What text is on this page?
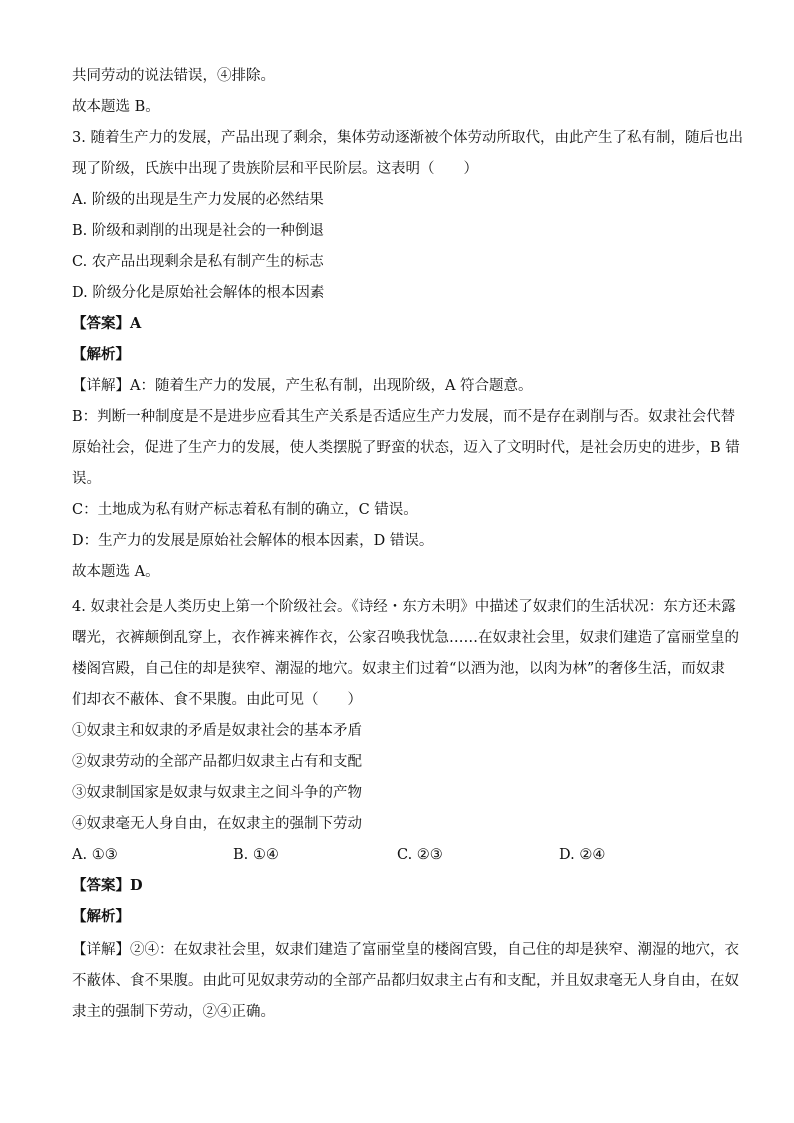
共同劳动的说法错误，④排除。
故本题选 B。
3. 随着生产力的发展，产品出现了剩余，集体劳动逐渐被个体劳动所取代，由此产生了私有制，随后也出
现了阶级，氏族中出现了贵族阶层和平民阶层。这表明（　　）
A. 阶级的出现是生产力发展的必然结果
B. 阶级和剥削的出现是社会的一种倒退
C. 农产品出现剩余是私有制产生的标志
D. 阶级分化是原始社会解体的根本因素
【答案】A
【解析】
【详解】A：随着生产力的发展，产生私有制，出现阶级，A 符合题意。
B：判断一种制度是不是进步应看其生产关系是否适应生产力发展，而不是存在剥削与否。奴隶社会代替
原始社会，促进了生产力的发展，使人类摆脱了野蛮的状态，迈入了文明时代，是社会历史的进步，B 错
误。
C：土地成为私有财产标志着私有制的确立，C 错误。
D：生产力的发展是原始社会解体的根本因素，D 错误。
故本题选 A。
4. 奴隶社会是人类历史上第一个阶级社会。《诗经・东方未明》中描述了奴隶们的生活状况：东方还未露
曙光，衣裤颠倒乱穿上，衣作裤来裤作衣，公家召唤我忧急……在奴隶社会里，奴隶们建造了富丽堂皇的
楼阁宫殿，自己住的却是狭窄、潮湿的地穴。奴隶主们过着“以酒为池，以肉为林”的奢侈生活，而奴隶
们却衣不蔽体、食不果腹。由此可见（　　）
①奴隶主和奴隶的矛盾是奴隶社会的基本矛盾
②奴隶劳动的全部产品都归奴隶主占有和支配
③奴隶制国家是奴隶与奴隶主之间斗争的产物
④奴隶毫无人身自由，在奴隶主的强制下劳动
A. ①③	B. ①④	C. ②③	D. ②④
【答案】D
【解析】
【详解】②④：在奴隶社会里，奴隶们建造了富丽堂皇的楼阁宫毁，自己住的却是狭窄、潮湿的地穴，衣
不蔽体、食不果腹。由此可见奴隶劳动的全部产品都归奴隶主占有和支配，并且奴隶毫无人身自由，在奴
隶主的强制下劳动，②④正确。
